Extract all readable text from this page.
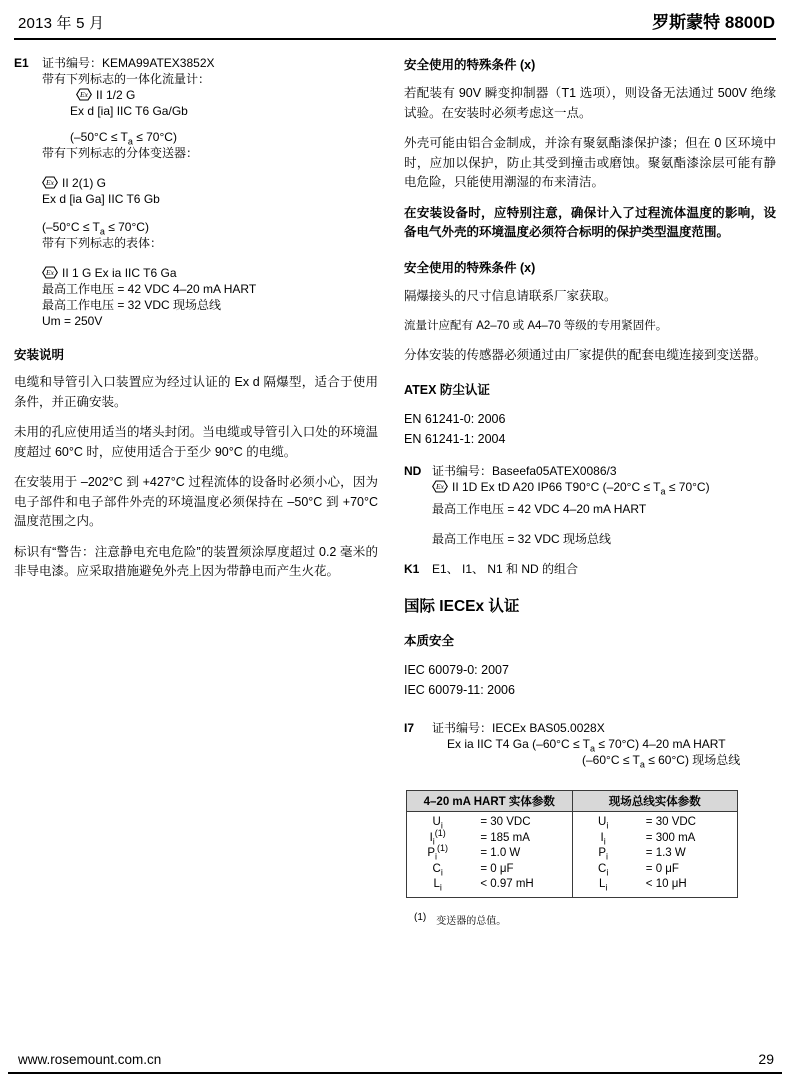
2013 年 5 月	罗斯蒙特 8800D
E1	证书编号：KEMA99ATEX3852X
带有下列标志的一体化流量计：
Ex II 1/2 G
Ex d [ia] IIC T6 Ga/Gb
$(-50^\circ C \le T_a \le 70^\circ C)$
带有下列标志的分体变送器：
Ex II 2(1) G
Ex d [ia Ga] IIC T6 Gb
$(-50^\circ C \le T_a \le 70^\circ C)$
带有下列标志的表体：
Ex II 1 G Ex ia IIC T6 Ga
最高工作电压 = 42 VDC 4–20 mA HART
最高工作电压 = 32 VDC 现场总线
Um = 250V
安装说明

电缆和导管引入口装置应为经过认证的 Ex d 隔爆型，适合于使用条件，并正确安装。

未用的孔应使用适当的堵头封闭。当电缆或导管引入口处的环境温度超过 60°C 时，应使用适合于至少 90°C 的电缆。

在安装用于 –202°C 到 +427°C 过程流体的设备时必须小心，因为电子部件和电子部件外壳的环境温度必须保持在 –50°C 到 +70°C 温度范围之内。

标识有“警告：注意静电充电危险”的装置须涂厚度超过 0.2 毫米的非导电漆。应采取措施避免外壳上因为带静电而产生火花。

安全使用的特殊条件 (x)

若配装有 90V 瞬变抑制器（T1 选项），则设备无法通过 500V 绝缘试验。在安装时必须考虑这一点。

外壳可能由铝合金制成，并涂有聚氨酯漆保护漆；但在 0 区环境中时，应加以保护，防止其受到撞击或磨蚀。聚氨酯漆涂层可能有静电危险，只能使用潮湿的布来清洁。

在安装设备时，应特别注意，确保计入了过程流体温度的影响，设备电气外壳的环境温度必须符合标明的保护类型温度范围。

安全使用的特殊条件 (x)

隔爆接头的尺寸信息请联系厂家获取。

流量计应配有 A2–70 或 A4–70 等级的专用紧固件。

分体安装的传感器必须通过由厂家提供的配套电缆连接到变送器。

ATEX 防尘认证
EN 61241-0: 2006
EN 61241-1: 2004
ND 证书编号：Baseefa05ATEX0086/3
Ex II 1D Ex tD A20 IP66 T90°C $(-20^\circ C \le T_a \le 70^\circ C)$
最高工作电压 = 42 VDC 4–20 mA HART
最高工作电压 = 32 VDC 现场总线
K1	E1、 I1、 N1 和 ND 的组合
国际 IECEx 认证
本质安全
IEC 60079-0: 2007
IEC 60079-11: 2006
I7	证书编号：IECEx BAS05.0028X
Ex ia IIC T4 Ga $(-60^\circ C \le T_a \le 70^\circ C)$ 4–20 mA HART
$(-60^\circ C \le T_a \le 60^\circ C)$ 现场总线
4–20 mA HART 实体参数		现场总线实体参数	
$U_i$	= 30 VDC	$U_i$	= 30 VDC
$I_i^{(1)}$	= 185 mA	$I_i$	= 300 mA
$P_i^{(1)}$	= 1.0 W	$P_i$	= 1.3 W
$C_i$	= 0 μF	$C_i$	= 0 μF
$L_i$	< 0.97 mH	$L_i$	< 10 μH
(1) 变送器的总值。
www.rosemount.com.cn	29
